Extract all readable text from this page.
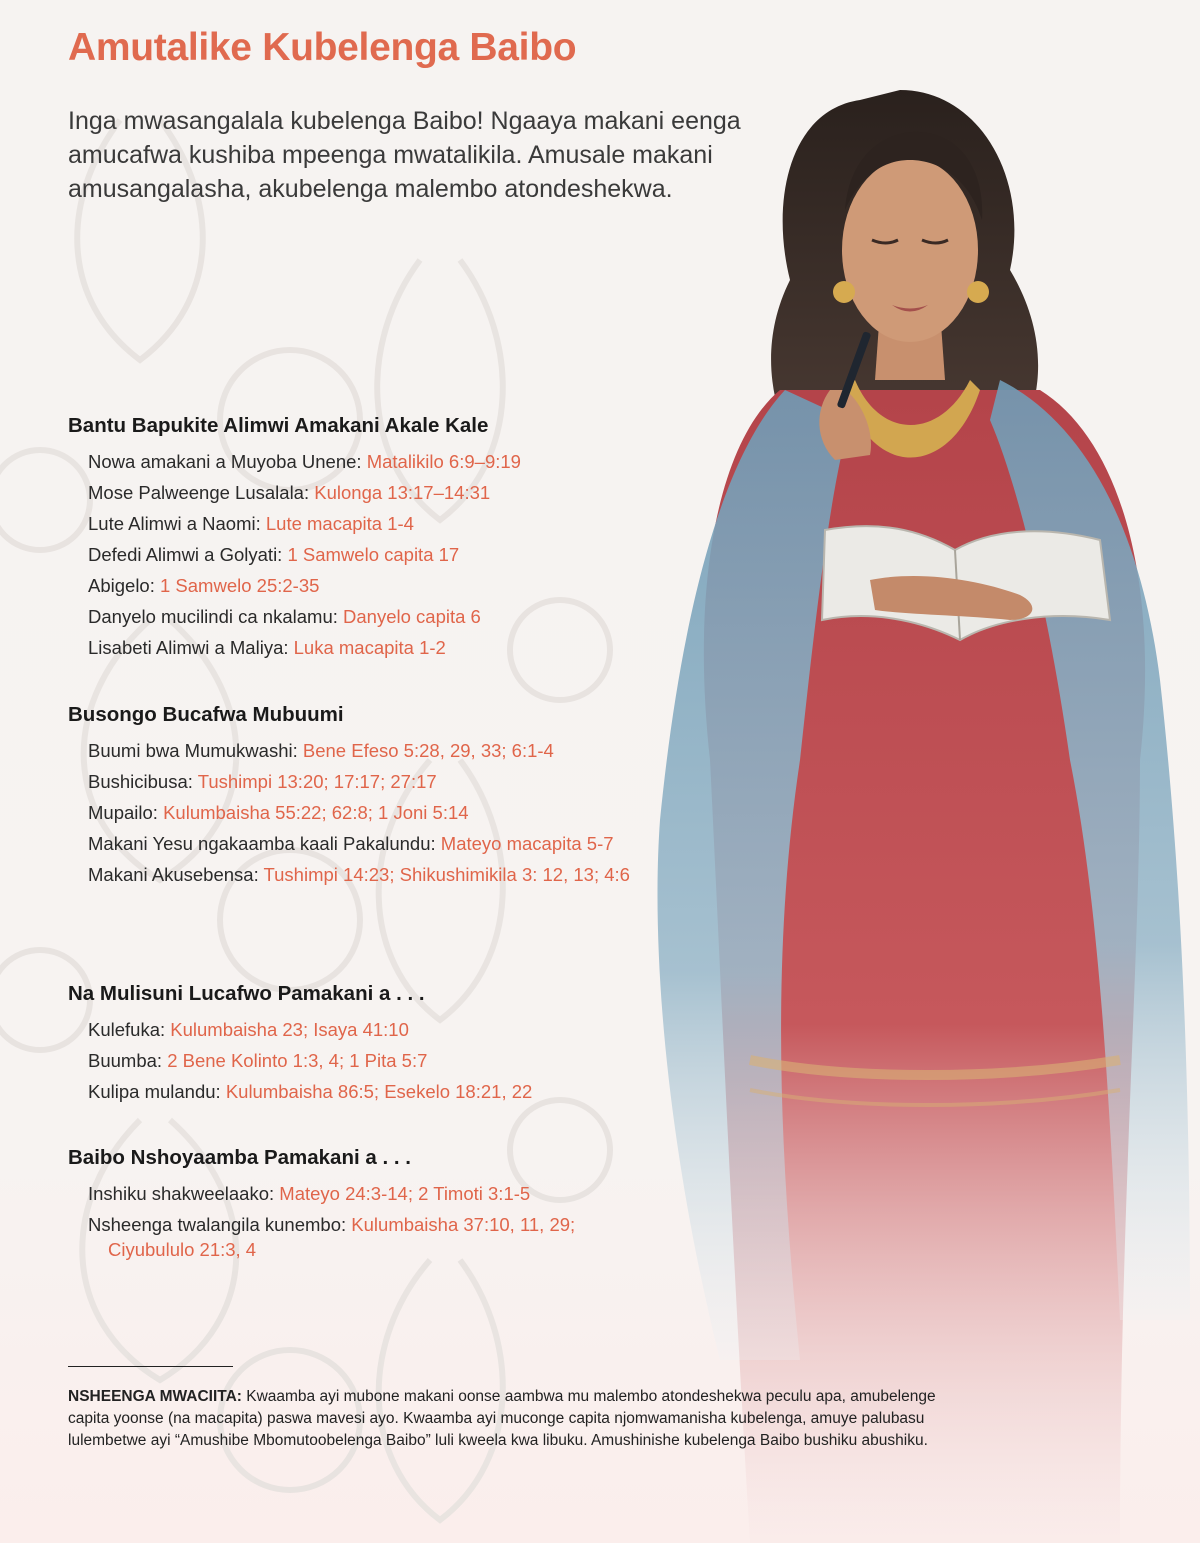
Amutalike Kubelenga Baibo

Inga mwasangalala kubelenga Baibo! Ngaaya makani eenga amucafwa kushiba mpeenga mwatalikila. Amusale makani amusangalasha, akubelenga malembo atondeshekwa.

Bantu Bapukite Alimwi Amakani Akale Kale
Nowa amakani a Muyoba Unene: Matalikilo 6:9–9:19
Mose Palweenge Lusalala: Kulonga 13:17–14:31
Lute Alimwi a Naomi: Lute macapita 1-4
Defedi Alimwi a Golyati: 1 Samwelo capita 17
Abigelo: 1 Samwelo 25:2-35
Danyelo mucilindi ca nkalamu: Danyelo capita 6
Lisabeti Alimwi a Maliya: Luka macapita 1-2
Busongo Bucafwa Mubuumi
Buumi bwa Mumukwashi: Bene Efeso 5:28, 29, 33; 6:1-4
Bushicibusa: Tushimpi 13:20; 17:17; 27:17
Mupailo: Kulumbaisha 55:22; 62:8; 1 Joni 5:14
Makani Yesu ngakaamba kaali Pakalundu: Mateyo macapita 5-7
Makani Akusebensa: Tushimpi 14:23; Shikushimikila 3: 12, 13; 4:6
Na Mulisuni Lucafwo Pamakani a . . .
Kulefuka: Kulumbaisha 23; Isaya 41:10
Buumba: 2 Bene Kolinto 1:3, 4; 1 Pita 5:7
Kulipa mulandu: Kulumbaisha 86:5; Esekelo 18:21, 22
Baibo Nshoyaamba Pamakani a . . .
Inshiku shakweelaako: Mateyo 24:3-14; 2 Timoti 3:1-5
Nsheenga twalangila kunembo: Kulumbaisha 37:10, 11, 29; Ciyubululo 21:3, 4

NSHEENGA MWACIITA: Kwaamba ayi mubone makani oonse aambwa mu malembo atondeshekwa peculu apa, amubelenge capita yoonse (na macapita) paswa mavesi ayo. Kwaamba ayi muconge capita njomwamanisha kubelenga, amuye palubasu lulembetwe ayi “Amushibe Mbomutoobelenga Baibo” luli kweela kwa libuku. Amushinishe kubelenga Baibo bushiku abushiku.
